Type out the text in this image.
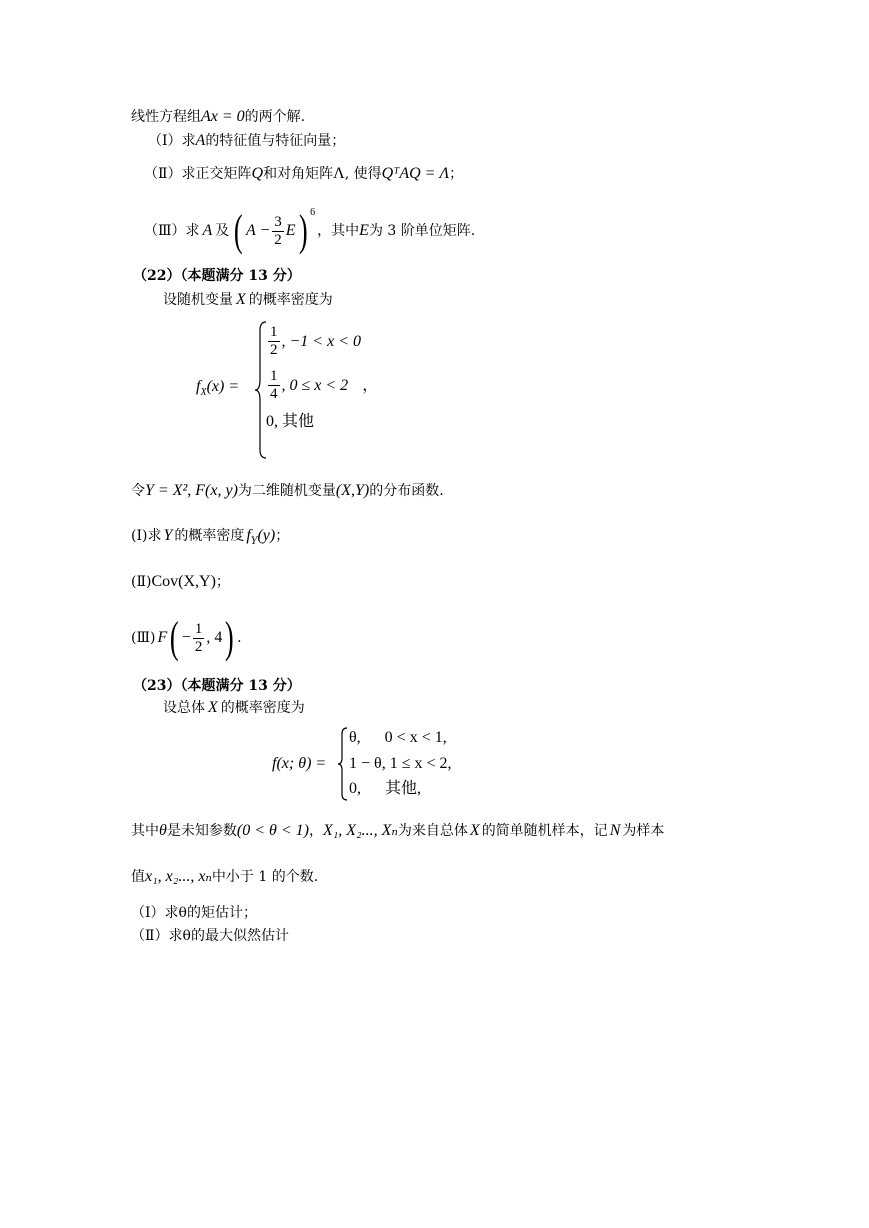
线性方程组Ax = 0的两个解.
（Ⅰ）求A的特征值与特征向量；
（Ⅱ）求正交矩阵Q和对角矩阵Λ, 使得QᵀAQ = Λ；
（Ⅲ） 求 A 及 ( $A - \frac{3}{2}$ E ) 6
，其中 E 为 3 阶单位矩阵.
（22）（本题满分 13 分）
设随机变量 X 的概率密度为
$f_X(x)$ =
$\frac{1}{2}$ , −1 < x < 0
$\frac{1}{4}$ , 0 ≤ x < 2 ，
0, 其他
令Y = X², F(x, y)为二维随机变量(X,Y)的分布函数.
(Ⅰ)求 Y 的概率密度 $f_Y(y)$；
(Ⅱ)Cov(X,Y)；
(Ⅲ) F ( − $\frac{1}{2}$ , 4 ) .
（23）（本题满分 13 分）
设总体 X 的概率密度为
f(x; θ) =
θ,      0 < x < 1,
1 − θ, 1 ≤ x < 2,
0,      其他,
其中θ是未知参数(0 < θ < 1)，X₁, X₂..., Xₙ为来自总体 X 的简单随机样本，记 N 为样本
值x₁, x₂..., xₙ中小于 1 的个数.
（Ⅰ）求θ的矩估计；
（Ⅱ）求θ的最大似然估计
